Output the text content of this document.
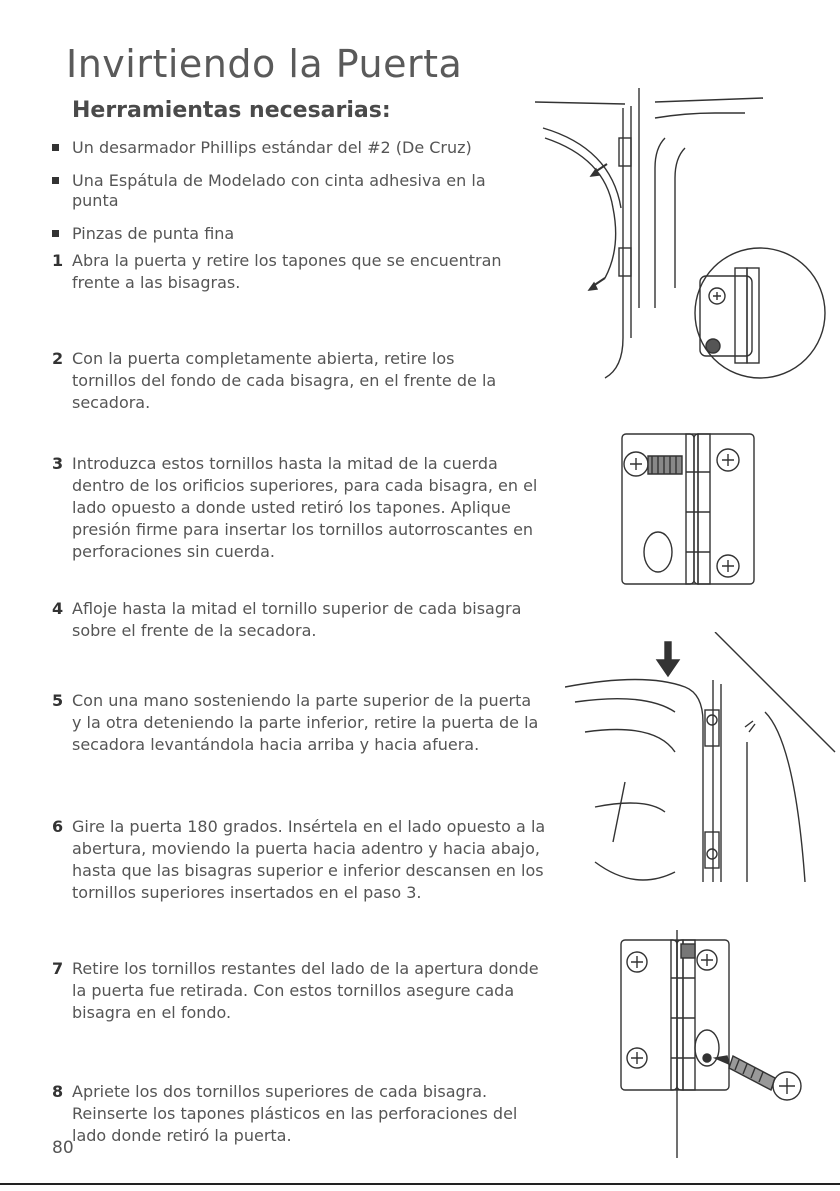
Invirtiendo la Puerta
Herramientas necesarias:
Un desarmador Phillips estándar del #2 (De Cruz)
Una Espátula de Modelado con cinta adhesiva en la punta
Pinzas de punta fina
1 Abra la puerta y retire los tapones que se encuentran frente a las bisagras.
2 Con la puerta completamente abierta, retire los tornillos del fondo de cada bisagra, en el frente de la secadora.
3 Introduzca estos tornillos hasta la mitad de la cuerda dentro de los orificios superiores, para cada bisagra, en el lado opuesto a donde usted retiró los tapones. Aplique presión firme para insertar los tornillos autorroscantes en perforaciones sin cuerda.
4 Afloje hasta la mitad el tornillo superior de cada bisagra sobre el frente de la secadora.
5 Con una mano sosteniendo la parte superior de la puerta y la otra deteniendo la parte inferior, retire la puerta de la secadora levantándola hacia arriba y hacia afuera.
6 Gire la puerta 180 grados. Insértela en el lado opuesto a la abertura, moviendo la puerta hacia adentro y hacia abajo, hasta que las bisagras superior e inferior descansen en los tornillos superiores insertados en el paso 3.
7 Retire los tornillos restantes del lado de la apertura donde la puerta fue retirada. Con estos tornillos asegure cada bisagra en el fondo.
8 Apriete los dos tornillos superiores de cada bisagra. Reinserte los tapones plásticos en las perforaciones del lado donde retiró la puerta.
80
